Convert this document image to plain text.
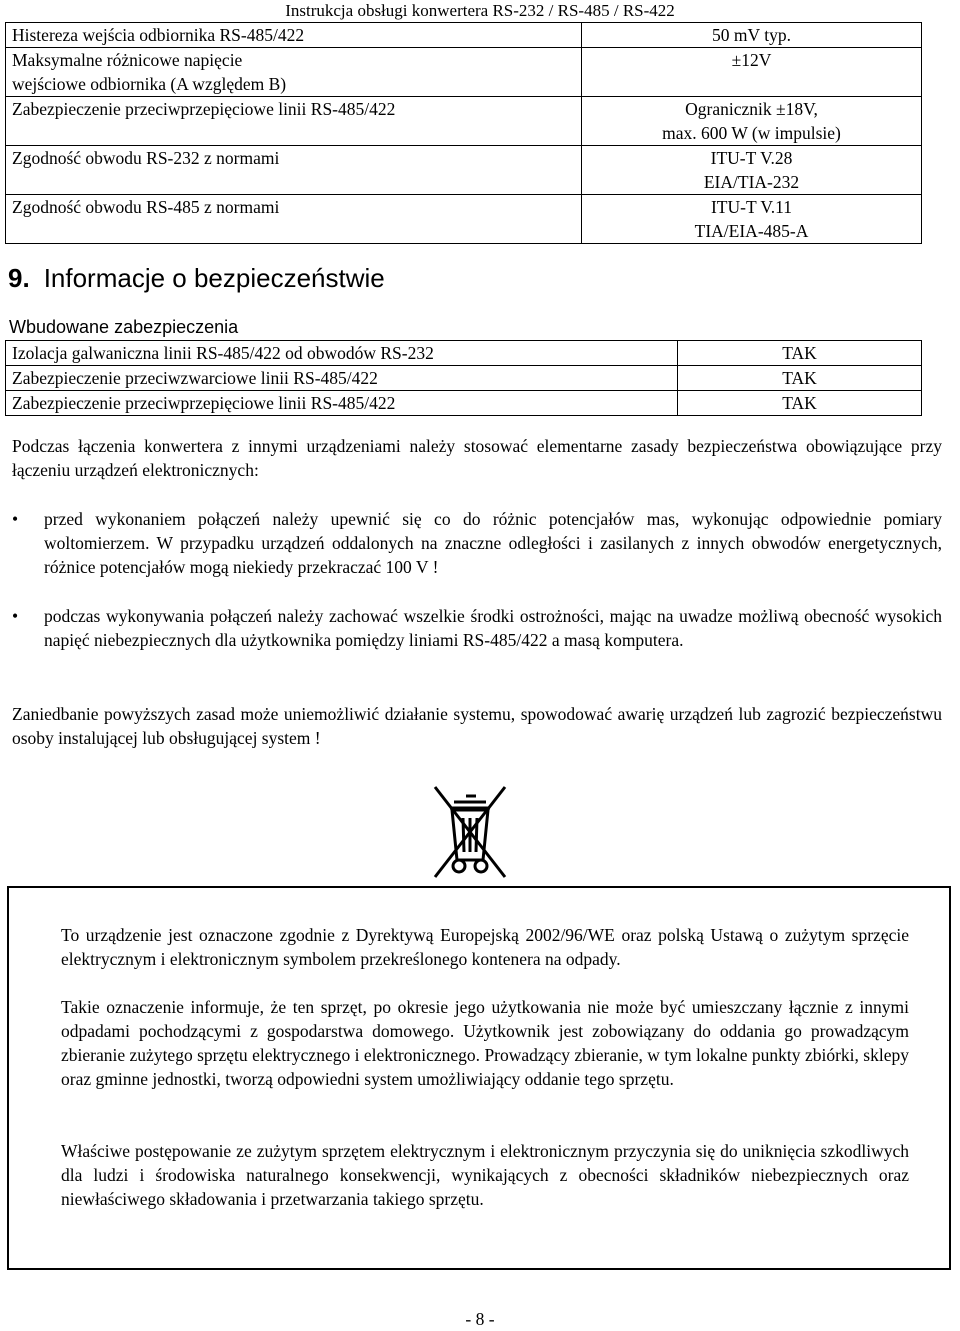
Instrukcja obsługi konwertera RS-232 / RS-485 / RS-422
Histereza wejścia odbiornika RS-485/422	50 mV typ.
Maksymalne różnicowe napięcie
wejściowe odbiornika (A względem B)	±12V
Zabezpieczenie przeciwprzepięciowe linii RS-485/422	Ogranicznik ±18V,
max. 600 W (w impulsie)
Zgodność obwodu RS-232 z normami	ITU-T V.28
EIA/TIA-232
Zgodność obwodu RS-485 z normami	ITU-T V.11
TIA/EIA-485-A
9. Informacje o bezpieczeństwie
Wbudowane zabezpieczenia
Izolacja galwaniczna linii RS-485/422 od obwodów RS-232	TAK
Zabezpieczenie przeciwzwarciowe linii RS-485/422	TAK
Zabezpieczenie przeciwprzepięciowe linii RS-485/422	TAK

Podczas łączenia konwertera z innymi urządzeniami należy stosować elementarne zasady bezpieczeństwa obowiązujące przy łączeniu urządzeń elektronicznych:

• przed wykonaniem połączeń należy upewnić się co do różnic potencjałów mas, wykonując odpowiednie pomiary woltomierzem. W przypadku urządzeń oddalonych na znaczne odległości i zasilanych z innych obwodów energetycznych, różnice potencjałów mogą niekiedy przekraczać 100 V !

• podczas wykonywania połączeń należy zachować wszelkie środki ostrożności, mając na uwadze możliwą obecność wysokich napięć niebezpiecznych dla użytkownika pomiędzy liniami RS-485/422 a masą komputera.

Zaniedbanie powyższych zasad może uniemożliwić działanie systemu, spowodować awarię urządzeń lub zagrozić bezpieczeństwu osoby instalującej lub obsługującej system !

To urządzenie jest oznaczone zgodnie z Dyrektywą Europejską 2002/96/WE oraz polską Ustawą o zużytym sprzęcie elektrycznym i elektronicznym symbolem przekreślonego kontenera na odpady.

Takie oznaczenie informuje, że ten sprzęt, po okresie jego użytkowania nie może być umieszczany łącznie z innymi odpadami pochodzącymi z gospodarstwa domowego. Użytkownik jest zobowiązany do oddania go prowadzącym zbieranie zużytego sprzętu elektrycznego i elektronicznego. Prowadzący zbieranie, w tym lokalne punkty zbiórki, sklepy oraz gminne jednostki, tworzą odpowiedni system umożliwiający oddanie tego sprzętu.

Właściwe postępowanie ze zużytym sprzętem elektrycznym i elektronicznym przyczynia się do uniknięcia szkodliwych dla ludzi i środowiska naturalnego konsekwencji, wynikających z obecności składników niebezpiecznych oraz niewłaściwego składowania i przetwarzania takiego sprzętu.

- 8 -
